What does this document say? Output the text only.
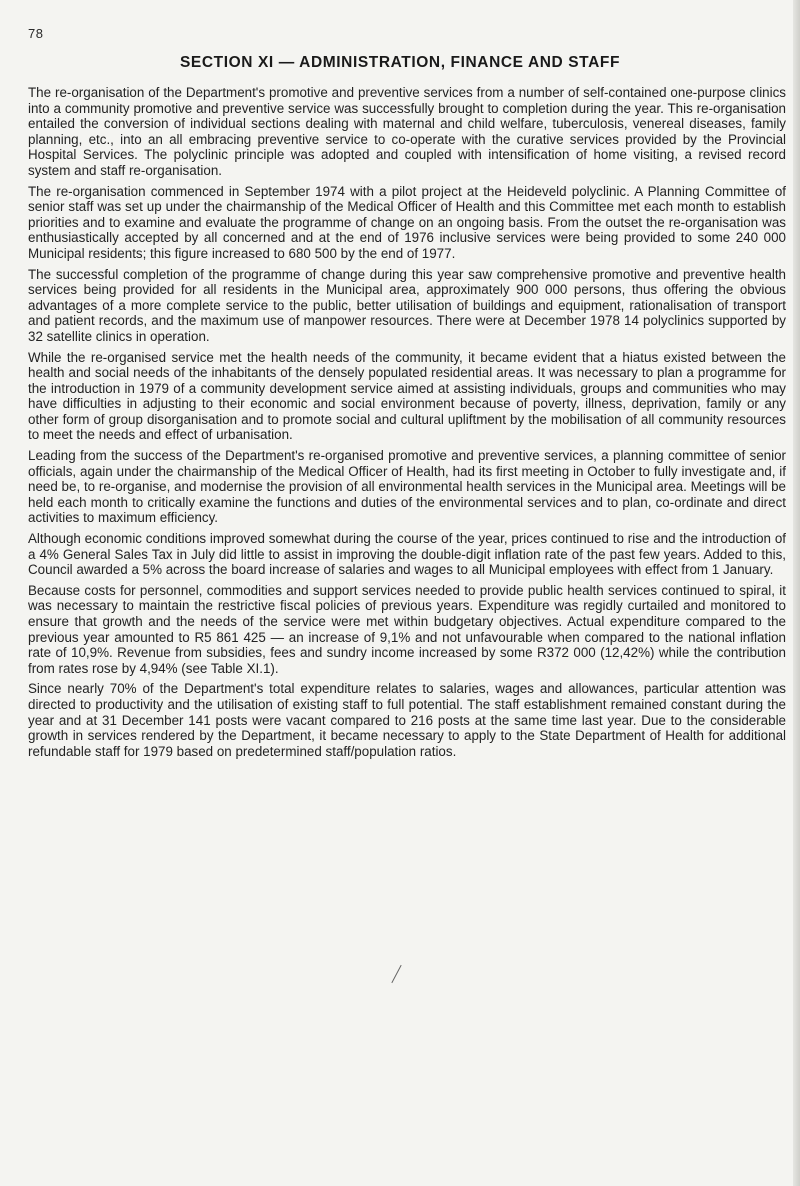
78
SECTION XI — ADMINISTRATION, FINANCE AND STAFF

The re-organisation of the Department's promotive and preventive services from a number of self-contained one-purpose clinics into a community promotive and preventive service was successfully brought to completion during the year. This re-organisation entailed the conversion of individual sections dealing with maternal and child welfare, tuberculosis, venereal diseases, family planning, etc., into an all embracing preventive service to co-operate with the curative services provided by the Provincial Hospital Services. The polyclinic principle was adopted and coupled with intensification of home visiting, a revised record system and staff re-organisation.

The re-organisation commenced in September 1974 with a pilot project at the Heideveld polyclinic. A Planning Committee of senior staff was set up under the chairmanship of the Medical Officer of Health and this Committee met each month to establish priorities and to examine and evaluate the programme of change on an ongoing basis. From the outset the re-organisation was enthusiastically accepted by all concerned and at the end of 1976 inclusive services were being provided to some 240 000 Municipal residents; this figure increased to 680 500 by the end of 1977.

The successful completion of the programme of change during this year saw comprehensive promotive and preventive health services being provided for all residents in the Municipal area, approximately 900 000 persons, thus offering the obvious advantages of a more complete service to the public, better utilisation of buildings and equipment, rationalisation of transport and patient records, and the maximum use of manpower resources. There were at December 1978 14 polyclinics supported by 32 satellite clinics in operation.

While the re-organised service met the health needs of the community, it became evident that a hiatus existed between the health and social needs of the inhabitants of the densely populated residential areas. It was necessary to plan a programme for the introduction in 1979 of a community development service aimed at assisting individuals, groups and communities who may have difficulties in adjusting to their economic and social environment because of poverty, illness, deprivation, family or any other form of group disorganisation and to promote social and cultural upliftment by the mobilisation of all community resources to meet the needs and effect of urbanisation.

Leading from the success of the Department's re-organised promotive and preventive services, a planning committee of senior officials, again under the chairmanship of the Medical Officer of Health, had its first meeting in October to fully investigate and, if need be, to re-organise, and modernise the provision of all environmental health services in the Municipal area. Meetings will be held each month to critically examine the functions and duties of the environmental services and to plan, co-ordinate and direct activities to maximum efficiency.

Although economic conditions improved somewhat during the course of the year, prices continued to rise and the introduction of a 4% General Sales Tax in July did little to assist in improving the double-digit inflation rate of the past few years. Added to this, Council awarded a 5% across the board increase of salaries and wages to all Municipal employees with effect from 1 January.

Because costs for personnel, commodities and support services needed to provide public health services continued to spiral, it was necessary to maintain the restrictive fiscal policies of previous years. Expenditure was regidly curtailed and monitored to ensure that growth and the needs of the service were met within budgetary objectives. Actual expenditure compared to the previous year amounted to R5 861 425 — an increase of 9,1% and not unfavourable when compared to the national inflation rate of 10,9%. Revenue from subsidies, fees and sundry income increased by some R372 000 (12,42%) while the contribution from rates rose by 4,94% (see Table XI.1).

Since nearly 70% of the Department's total expenditure relates to salaries, wages and allowances, particular attention was directed to productivity and the utilisation of existing staff to full potential. The staff establishment remained constant during the year and at 31 December 141 posts were vacant compared to 216 posts at the same time last year. Due to the considerable growth in services rendered by the Department, it became necessary to apply to the State Department of Health for additional refundable staff for 1979 based on predetermined staff/population ratios.
